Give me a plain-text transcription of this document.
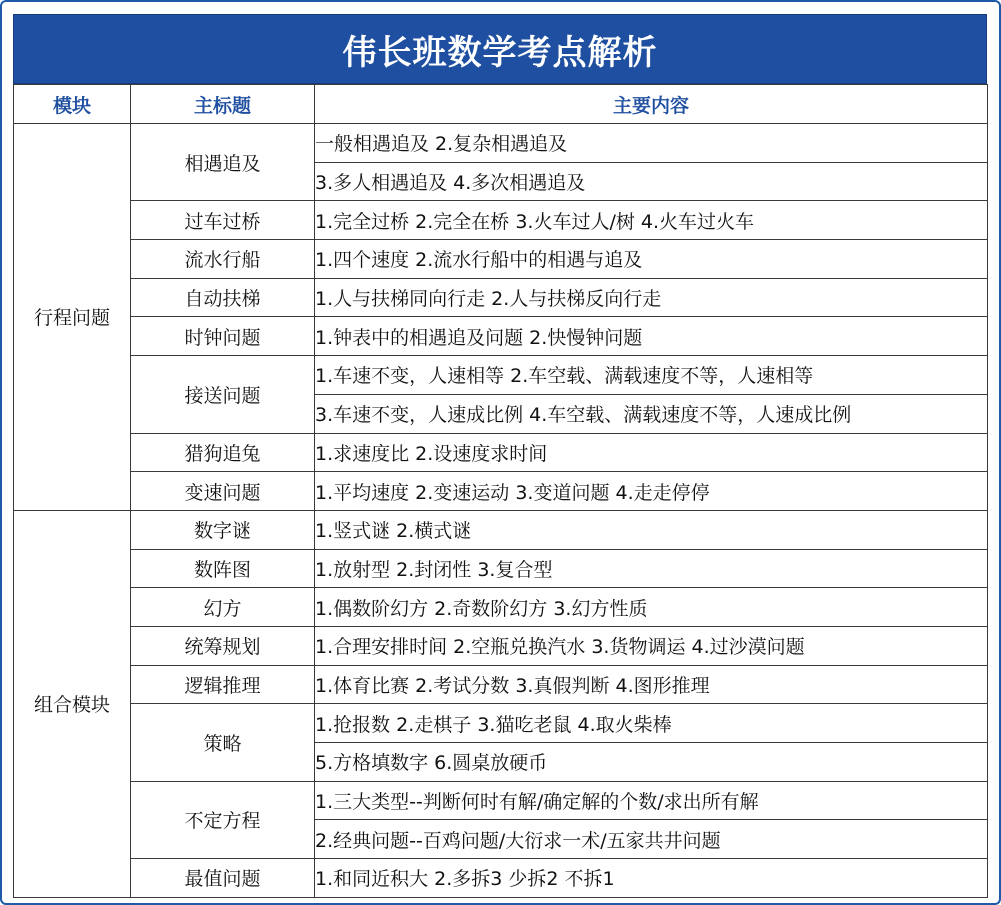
伟长班数学考点解析
模块	主标题	主要内容
行程问题	相遇追及	一般相遇追及 2.复杂相遇追及
		3.多人相遇追及 4.多次相遇追及
	过车过桥	1.完全过桥 2.完全在桥 3.火车过人/树 4.火车过火车
	流水行船	1.四个速度 2.流水行船中的相遇与追及
	自动扶梯	1.人与扶梯同向行走 2.人与扶梯反向行走
	时钟问题	1.钟表中的相遇追及问题 2.快慢钟问题
	接送问题	1.车速不变，人速相等 2.车空载、满载速度不等，人速相等
		3.车速不变，人速成比例 4.车空载、满载速度不等，人速成比例
	猎狗追兔	1.求速度比 2.设速度求时间
	变速问题	1.平均速度 2.变速运动 3.变道问题 4.走走停停
组合模块	数字谜	1.竖式谜 2.横式谜
	数阵图	1.放射型 2.封闭性 3.复合型
	幻方	1.偶数阶幻方 2.奇数阶幻方 3.幻方性质
	统筹规划	1.合理安排时间 2.空瓶兑换汽水 3.货物调运 4.过沙漠问题
	逻辑推理	1.体育比赛 2.考试分数 3.真假判断 4.图形推理
	策略	1.抢报数 2.走棋子 3.猫吃老鼠 4.取火柴棒
		5.方格填数字 6.圆桌放硬币
	不定方程	1.三大类型--判断何时有解/确定解的个数/求出所有解
		2.经典问题--百鸡问题/大衍求一术/五家共井问题
	最值问题	1.和同近积大 2.多拆3 少拆2 不拆1
